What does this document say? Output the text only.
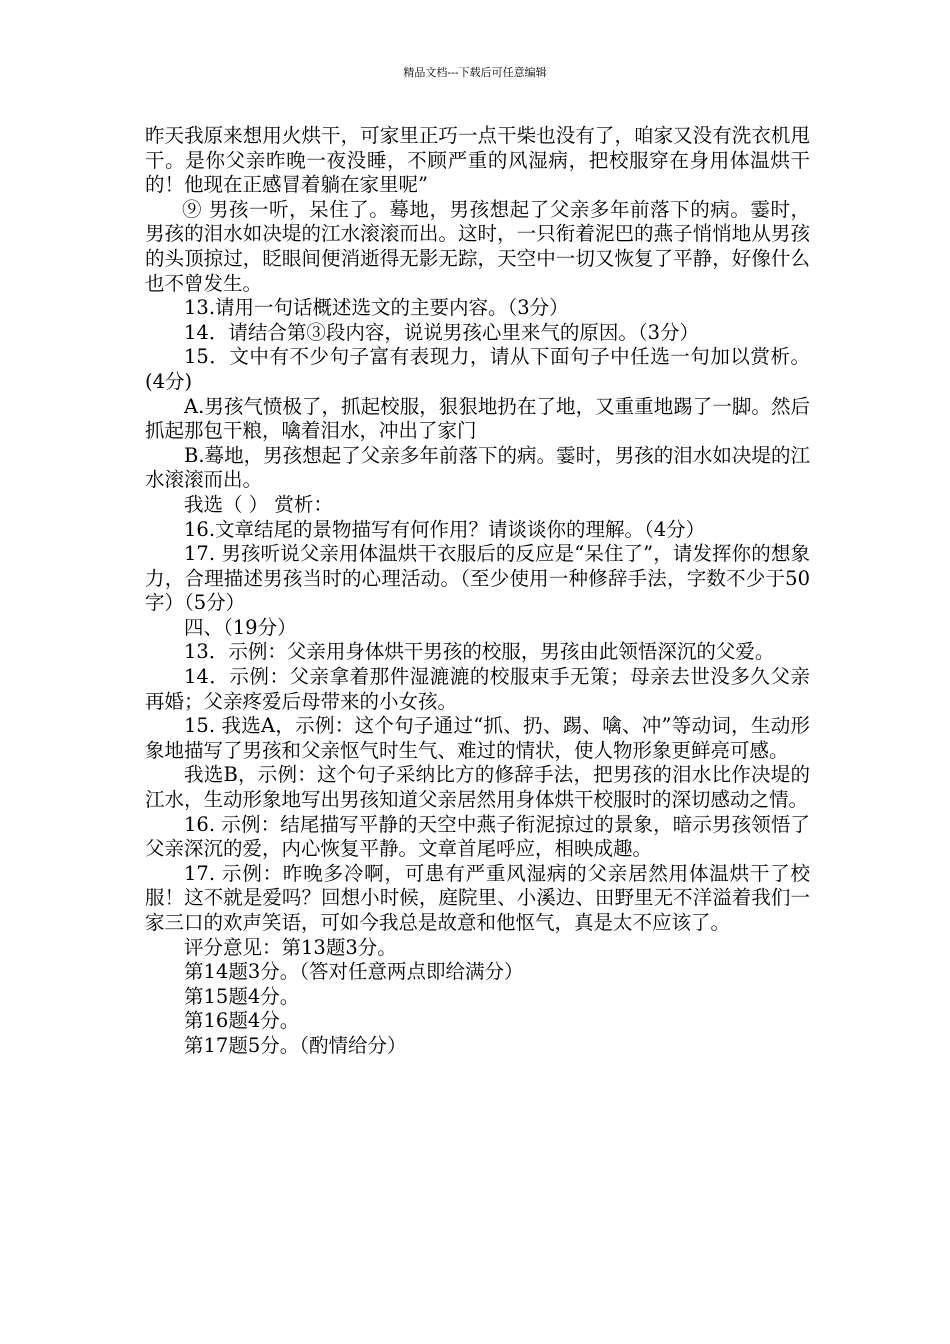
精品文档---下载后可任意编辑

昨天我原来想用火烘干，可家里正巧一点干柴也没有了，咱家又没有洗衣机甩干。是你父亲昨晚一夜没睡，不顾严重的风湿病，把校服穿在身用体温烘干的！他现在正感冒着躺在家里呢”

⑨ 男孩一听，呆住了。蓦地，男孩想起了父亲多年前落下的病。霎时，男孩的泪水如决堤的江水滚滚而出。这时，一只衔着泥巴的燕子悄悄地从男孩的头顶掠过，眨眼间便消逝得无影无踪，天空中一切又恢复了平静，好像什么也不曾发生。

13.请用一句话概述选文的主要内容。（3分）

14．请结合第③段内容，说说男孩心里来气的原因。（3分）

15．文中有不少句子富有表现力，请从下面句子中任选一句加以赏析。(4分)

A.男孩气愤极了，抓起校服，狠狠地扔在了地，又重重地踢了一脚。然后抓起那包干粮，噙着泪水，冲出了家门

B.蓦地，男孩想起了父亲多年前落下的病。霎时，男孩的泪水如决堤的江水滚滚而出。

我选（ ） 赏析：

16.文章结尾的景物描写有何作用？请谈谈你的理解。（4分）

17. 男孩听说父亲用体温烘干衣服后的反应是“呆住了”，请发挥你的想象力，合理描述男孩当时的心理活动。（至少使用一种修辞手法，字数不少于50字）（5分）

四、（19分）

13．示例：父亲用身体烘干男孩的校服，男孩由此领悟深沉的父爱。

14．示例：父亲拿着那件湿漉漉的校服束手无策；母亲去世没多久父亲再婚；父亲疼爱后母带来的小女孩。

15. 我选A，示例：这个句子通过“抓、扔、踢、噙、冲”等动词，生动形象地描写了男孩和父亲怄气时生气、难过的情状，使人物形象更鲜亮可感。

我选B，示例：这个句子采纳比方的修辞手法，把男孩的泪水比作决堤的江水，生动形象地写出男孩知道父亲居然用身体烘干校服时的深切感动之情。

16. 示例：结尾描写平静的天空中燕子衔泥掠过的景象，暗示男孩领悟了父亲深沉的爱，内心恢复平静。文章首尾呼应，相映成趣。

17. 示例：昨晚多冷啊，可患有严重风湿病的父亲居然用体温烘干了校服！这不就是爱吗？回想小时候，庭院里、小溪边、田野里无不洋溢着我们一家三口的欢声笑语，可如今我总是故意和他怄气，真是太不应该了。

评分意见：第13题3分。

第14题3分。（答对任意两点即给满分）

第15题4分。

第16题4分。

第17题5分。（酌情给分）
